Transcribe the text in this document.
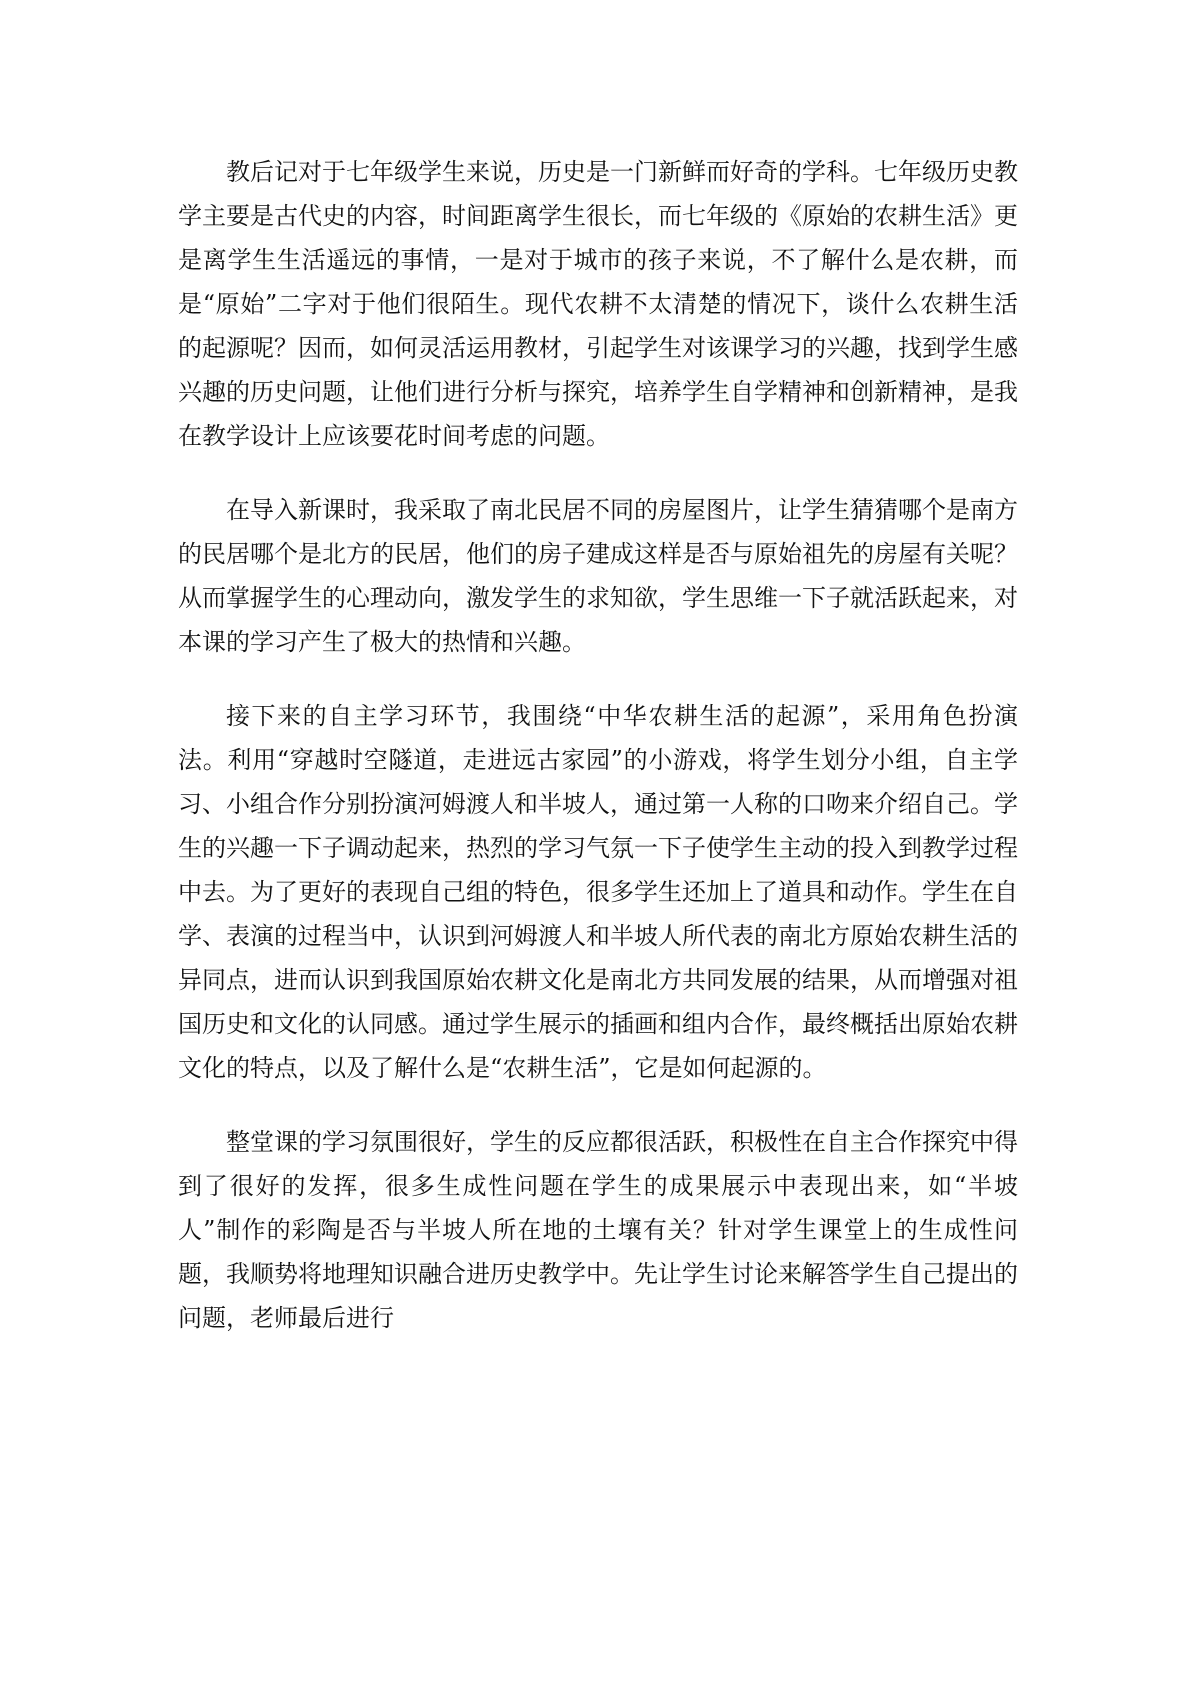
教后记对于七年级学生来说，历史是一门新鲜而好奇的学科。七年级历史教学主要是古代史的内容，时间距离学生很长，而七年级的《原始的农耕生活》更是离学生生活遥远的事情，一是对于城市的孩子来说，不了解什么是农耕，而是“原始”二字对于他们很陌生。现代农耕不太清楚的情况下，谈什么农耕生活的起源呢？因而，如何灵活运用教材，引起学生对该课学习的兴趣，找到学生感兴趣的历史问题，让他们进行分析与探究，培养学生自学精神和创新精神，是我在教学设计上应该要花时间考虑的问题。

在导入新课时，我采取了南北民居不同的房屋图片，让学生猜猜哪个是南方的民居哪个是北方的民居，他们的房子建成这样是否与原始祖先的房屋有关呢？从而掌握学生的心理动向，激发学生的求知欲，学生思维一下子就活跃起来，对本课的学习产生了极大的热情和兴趣。

接下来的自主学习环节，我围绕“中华农耕生活的起源”，采用角色扮演法。利用“穿越时空隧道，走进远古家园”的小游戏，将学生划分小组，自主学习、小组合作分别扮演河姆渡人和半坡人，通过第一人称的口吻来介绍自己。学生的兴趣一下子调动起来，热烈的学习气氛一下子使学生主动的投入到教学过程中去。为了更好的表现自己组的特色，很多学生还加上了道具和动作。学生在自学、表演的过程当中，认识到河姆渡人和半坡人所代表的南北方原始农耕生活的异同点，进而认识到我国原始农耕文化是南北方共同发展的结果，从而增强对祖国历史和文化的认同感。通过学生展示的插画和组内合作，最终概括出原始农耕文化的特点，以及了解什么是“农耕生活”，它是如何起源的。

整堂课的学习氛围很好，学生的反应都很活跃，积极性在自主合作探究中得到了很好的发挥，很多生成性问题在学生的成果展示中表现出来，如“半坡人”制作的彩陶是否与半坡人所在地的土壤有关？针对学生课堂上的生成性问题，我顺势将地理知识融合进历史教学中。先让学生讨论来解答学生自己提出的问题，老师最后进行
